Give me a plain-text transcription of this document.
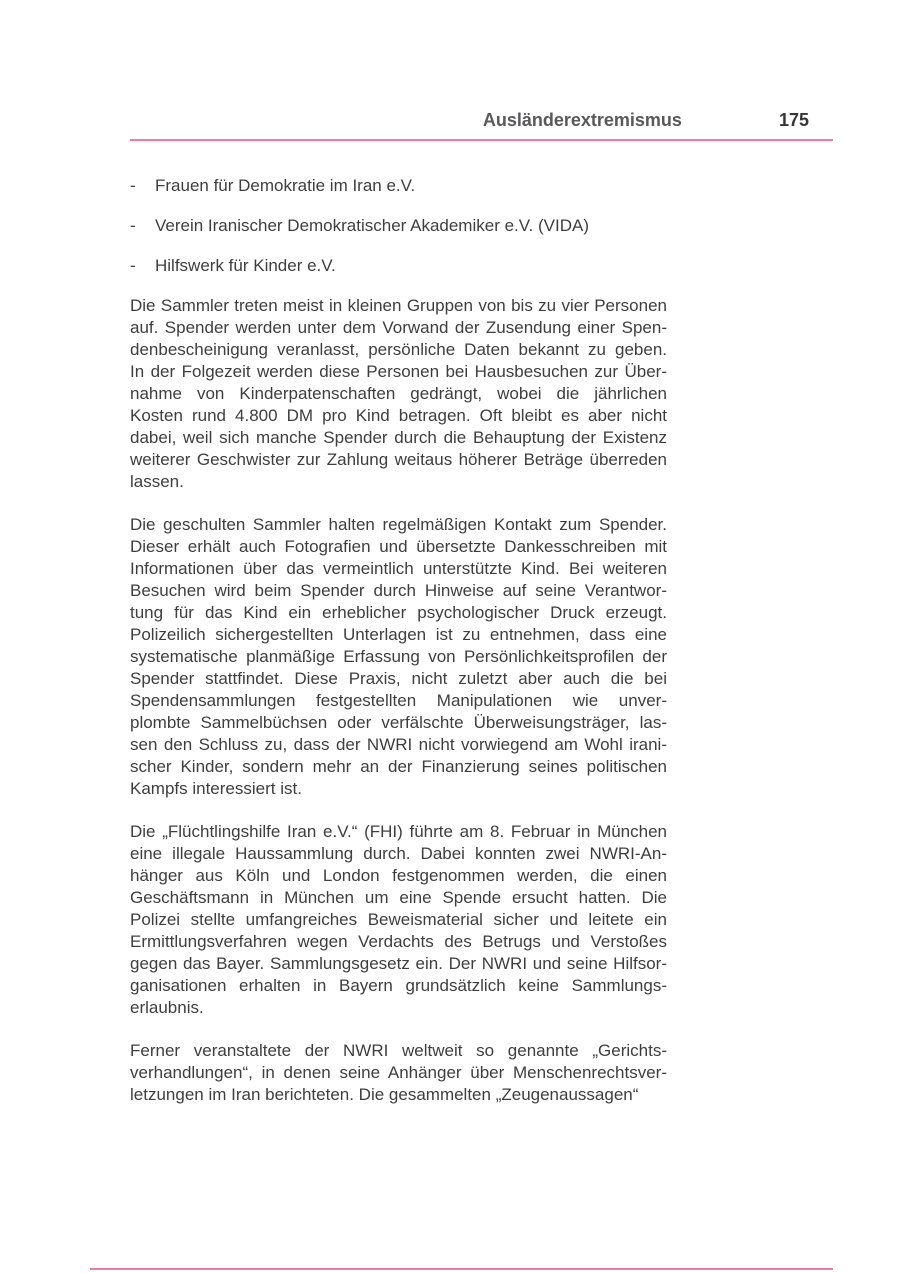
Ausländerextremismus	175
-	Frauen für Demokratie im Iran e.V.
-	Verein Iranischer Demokratischer Akademiker e.V. (VIDA)
-	Hilfswerk für Kinder e.V.
Die Sammler treten meist in kleinen Gruppen von bis zu vier Personen
auf. Spender werden unter dem Vorwand der Zusendung einer Spen-
denbescheinigung veranlasst, persönliche Daten bekannt zu geben.
In der Folgezeit werden diese Personen bei Hausbesuchen zur Über-
nahme von Kinderpatenschaften gedrängt, wobei die jährlichen
Kosten rund 4.800 DM pro Kind betragen. Oft bleibt es aber nicht
dabei, weil sich manche Spender durch die Behauptung der Existenz
weiterer Geschwister zur Zahlung weitaus höherer Beträge überreden
lassen.
Die geschulten Sammler halten regelmäßigen Kontakt zum Spender.
Dieser erhält auch Fotografien und übersetzte Dankesschreiben mit
Informationen über das vermeintlich unterstützte Kind. Bei weiteren
Besuchen wird beim Spender durch Hinweise auf seine Verantwor-
tung für das Kind ein erheblicher psychologischer Druck erzeugt.
Polizeilich sichergestellten Unterlagen ist zu entnehmen, dass eine
systematische planmäßige Erfassung von Persönlichkeitsprofilen der
Spender stattfindet. Diese Praxis, nicht zuletzt aber auch die bei
Spendensammlungen festgestellten Manipulationen wie unver-
plombte Sammelbüchsen oder verfälschte Überweisungsträger, las-
sen den Schluss zu, dass der NWRI nicht vorwiegend am Wohl irani-
scher Kinder, sondern mehr an der Finanzierung seines politischen
Kampfs interessiert ist.
Die „Flüchtlingshilfe Iran e.V.“ (FHI) führte am 8. Februar in München
eine illegale Haussammlung durch. Dabei konnten zwei NWRI-An-
hänger aus Köln und London festgenommen werden, die einen
Geschäftsmann in München um eine Spende ersucht hatten. Die
Polizei stellte umfangreiches Beweismaterial sicher und leitete ein
Ermittlungsverfahren wegen Verdachts des Betrugs und Verstoßes
gegen das Bayer. Sammlungsgesetz ein. Der NWRI und seine Hilfsor-
ganisationen erhalten in Bayern grundsätzlich keine Sammlungs-
erlaubnis.
Ferner veranstaltete der NWRI weltweit so genannte „Gerichts-
verhandlungen“, in denen seine Anhänger über Menschenrechtsver-
letzungen im Iran berichteten. Die gesammelten „Zeugenaussagen“
